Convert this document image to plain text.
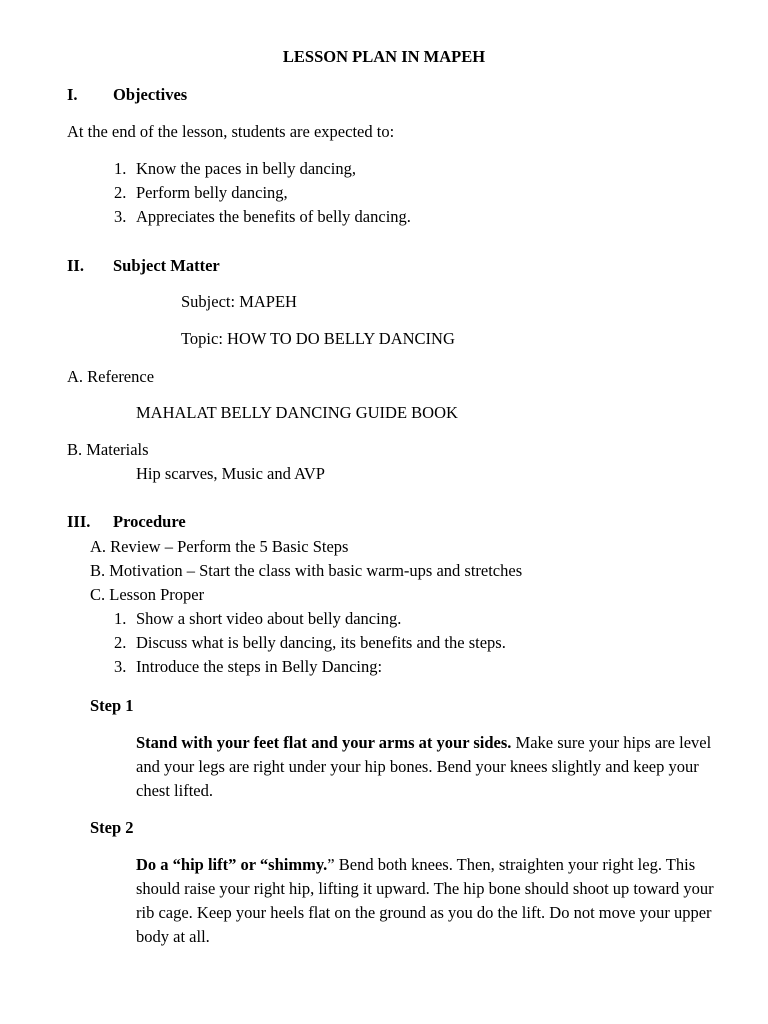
LESSON PLAN IN MAPEH
I. Objectives
At the end of the lesson, students are expected to:
1. Know the paces in belly dancing,
2. Perform belly dancing,
3. Appreciates the benefits of belly dancing.
II. Subject Matter
Subject: MAPEH
Topic: HOW TO DO BELLY DANCING
A. Reference
MAHALAT BELLY DANCING GUIDE BOOK
B. Materials
Hip scarves, Music and AVP
III. Procedure
A. Review – Perform the 5 Basic Steps
B. Motivation – Start the class with basic warm-ups and stretches
C. Lesson Proper
1. Show a short video about belly dancing.
2. Discuss what is belly dancing, its benefits and the steps.
3. Introduce the steps in Belly Dancing:
Step 1
Stand with your feet flat and your arms at your sides. Make sure your hips are level and your legs are right under your hip bones. Bend your knees slightly and keep your chest lifted.
Step 2
Do a “hip lift” or “shimmy.” Bend both knees. Then, straighten your right leg. This should raise your right hip, lifting it upward. The hip bone should shoot up toward your rib cage. Keep your heels flat on the ground as you do the lift. Do not move your upper body at all.
